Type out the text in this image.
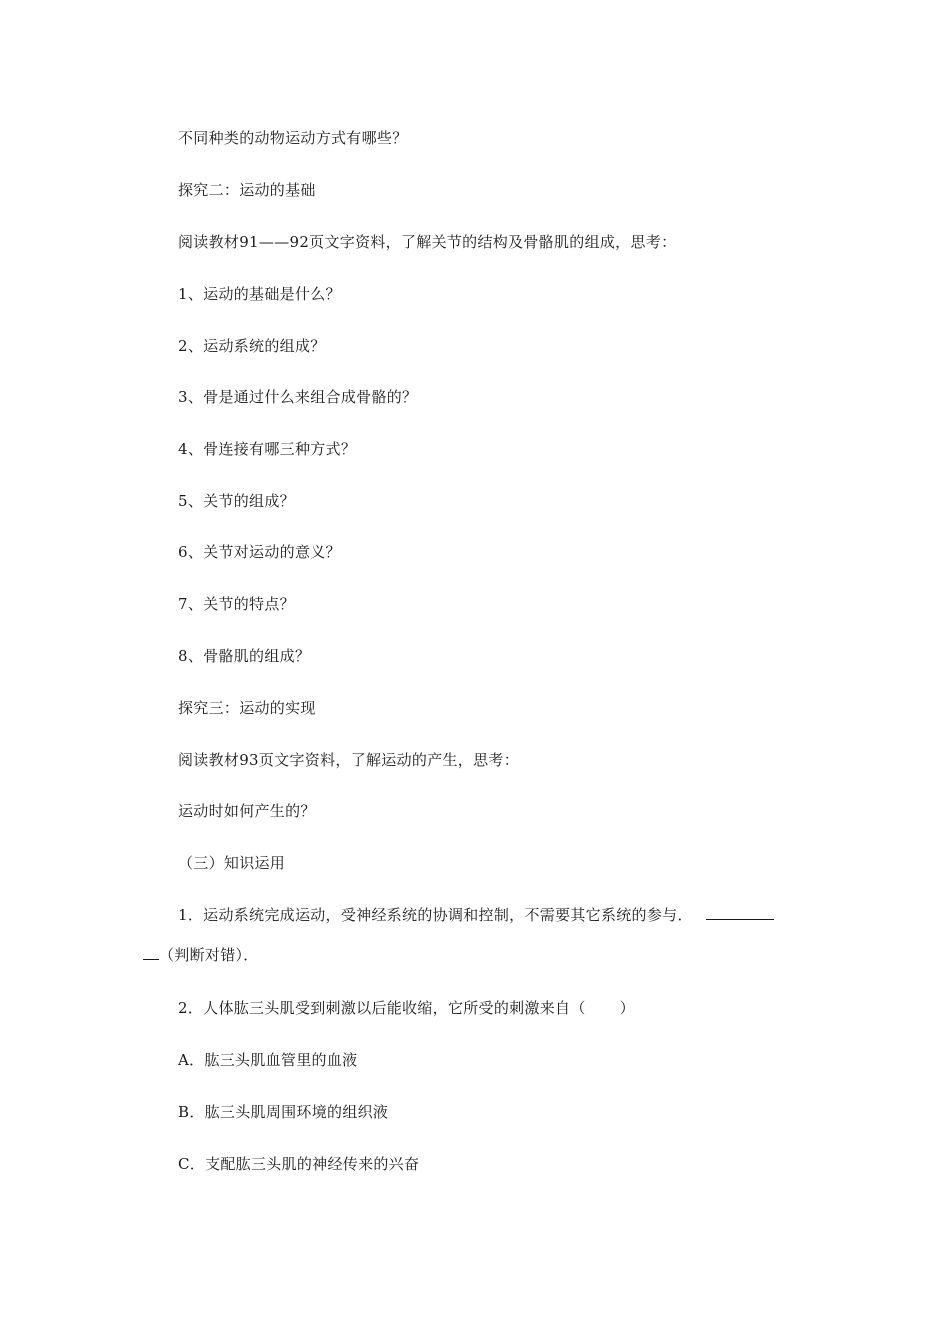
不同种类的动物运动方式有哪些？
探究二：运动的基础
阅读教材91——92页文字资料，了解关节的结构及骨骼肌的组成，思考：
1、运动的基础是什么？
2、运动系统的组成？
3、骨是通过什么来组合成骨骼的？
4、骨连接有哪三种方式？
5、关节的组成？
6、关节对运动的意义？
7、关节的特点？
8、骨骼肌的组成？
探究三：运动的实现
阅读教材93页文字资料，了解运动的产生，思考：
运动时如何产生的？
（三）知识运用
1．运动系统完成运动，受神经系统的协调和控制，不需要其它系统的参与．
（判断对错）．
2．人体肱三头肌受到刺激以后能收缩，它所受的刺激来自（ ）
A．肱三头肌血管里的血液
B．肱三头肌周围环境的组织液
C．支配肱三头肌的神经传来的兴奋
